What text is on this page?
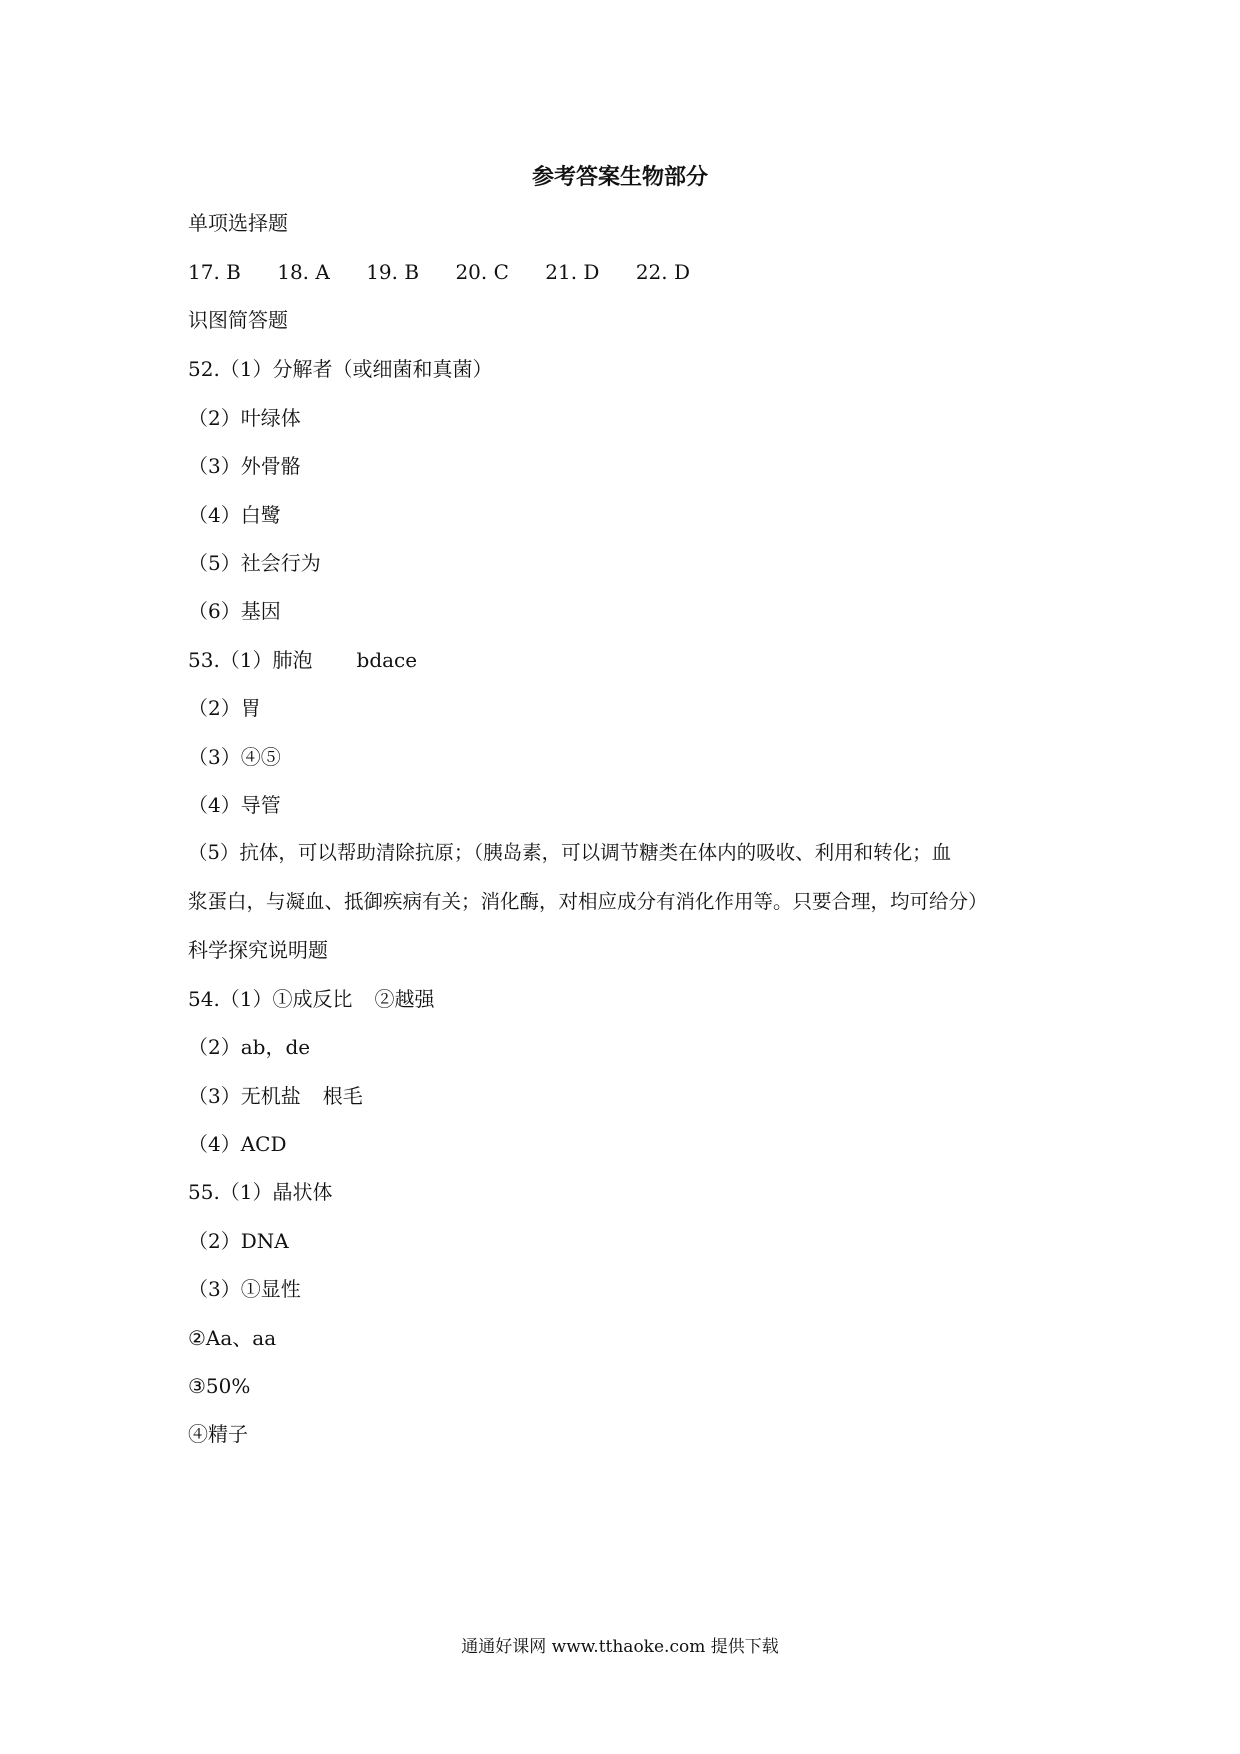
参考答案生物部分
单项选择题
17. B 18. A 19. B 20. C 21. D 22. D
识图简答题
52.（1）分解者（或细菌和真菌）
（2）叶绿体
（3）外骨骼
（4）白鹭
（5）社会行为
（6）基因
53.（1）肺泡 bdace
（2）胃
（3）④⑤
（4）导管
（5）抗体，可以帮助清除抗原；（胰岛素，可以调节糖类在体内的吸收、利用和转化；血
浆蛋白，与凝血、抵御疾病有关；消化酶，对相应成分有消化作用等。只要合理，均可给分）
科学探究说明题
54.（1）①成反比 ②越强
（2）ab，de
（3）无机盐 根毛
（4）ACD
55.（1）晶状体
（2）DNA
（3）①显性
②Aa、aa
③50%
④精子
通通好课网 www.tthaoke.com 提供下载
